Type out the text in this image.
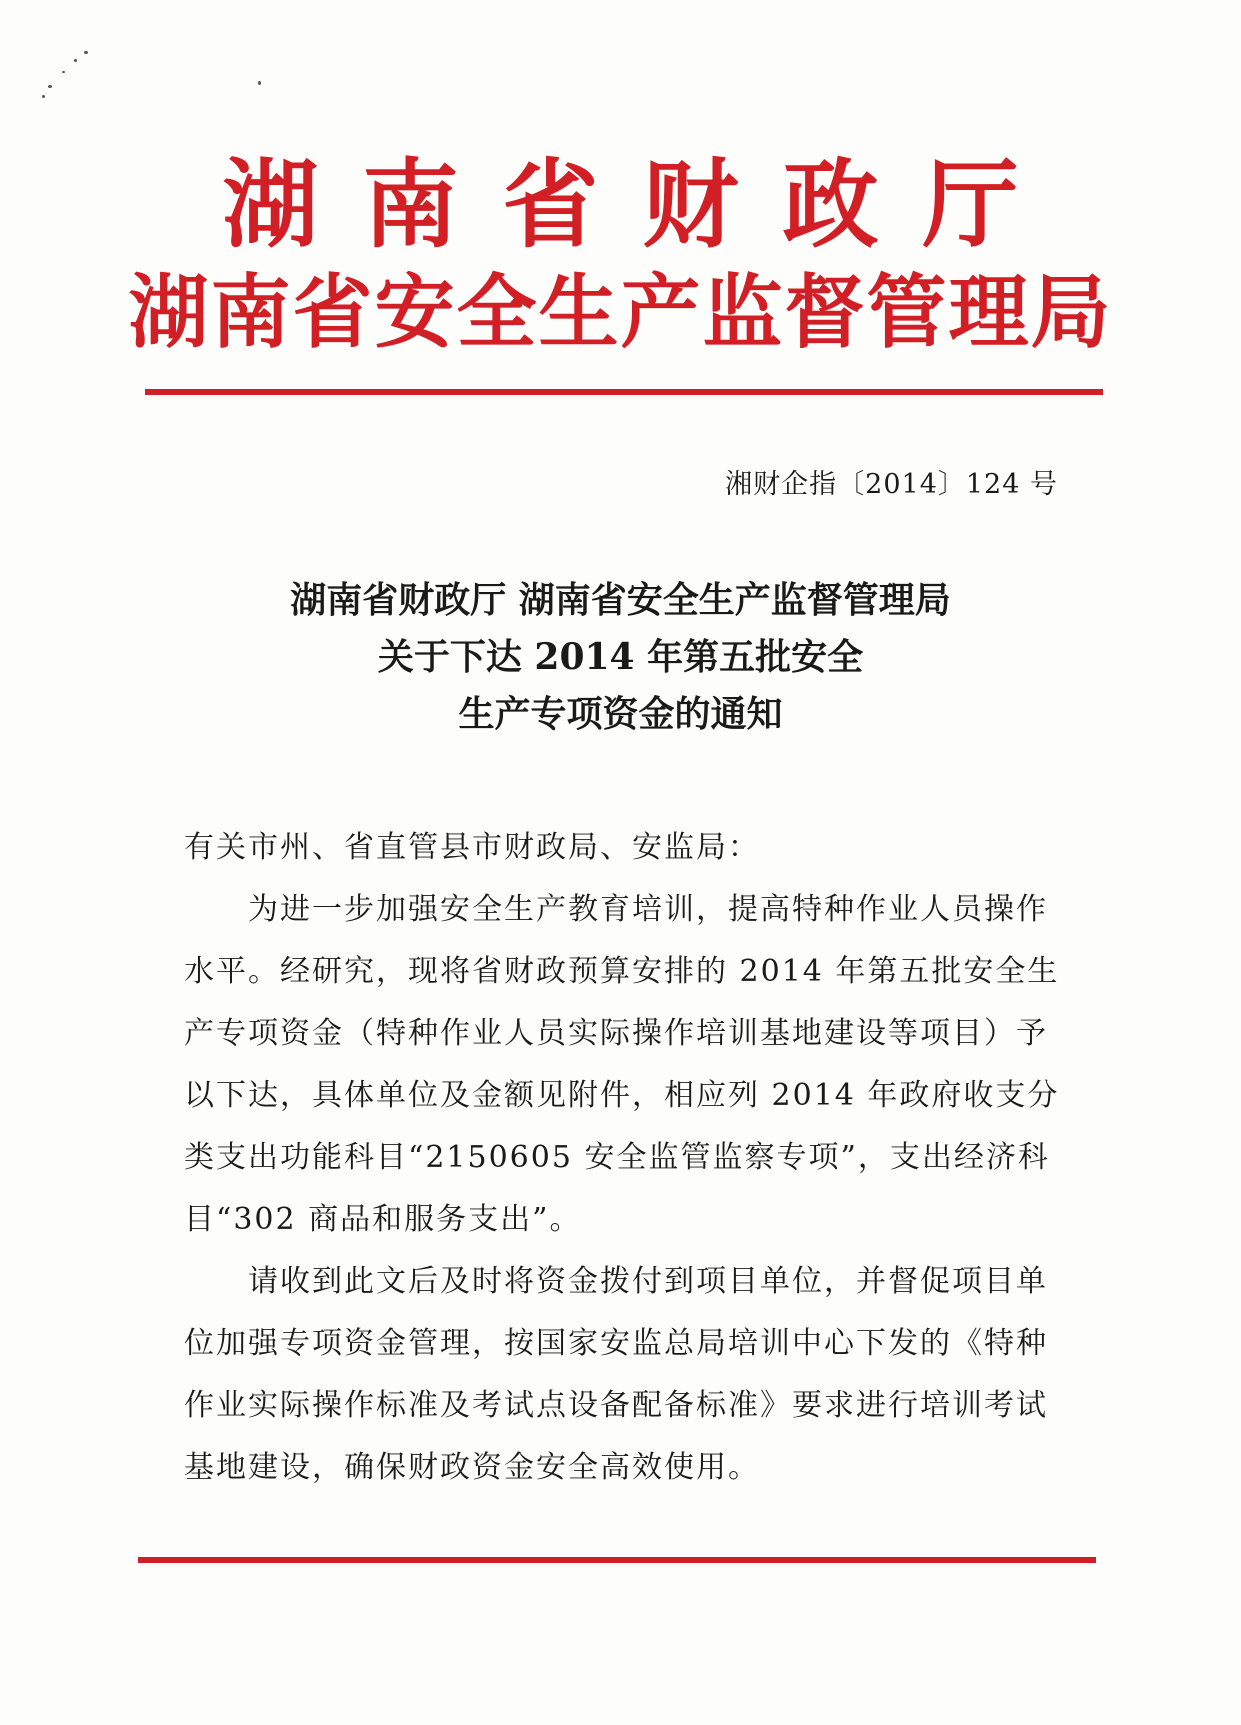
湖南省财政厅
湖南省安全生产监督管理局
湘财企指〔2014〕124 号
湖南省财政厅 湖南省安全生产监督管理局
关于下达 2014 年第五批安全
生产专项资金的通知

有关市州、省直管县市财政局、安监局：

为进一步加强安全生产教育培训，提高特种作业人员操作水平。经研究，现将省财政预算安排的 2014 年第五批安全生产专项资金（特种作业人员实际操作培训基地建设等项目）予以下达，具体单位及金额见附件，相应列 2014 年政府收支分类支出功能科目“2150605 安全监管监察专项”，支出经济科目“302 商品和服务支出”。

请收到此文后及时将资金拨付到项目单位，并督促项目单位加强专项资金管理，按国家安监总局培训中心下发的《特种作业实际操作标准及考试点设备配备标准》要求进行培训考试基地建设，确保财政资金安全高效使用。
